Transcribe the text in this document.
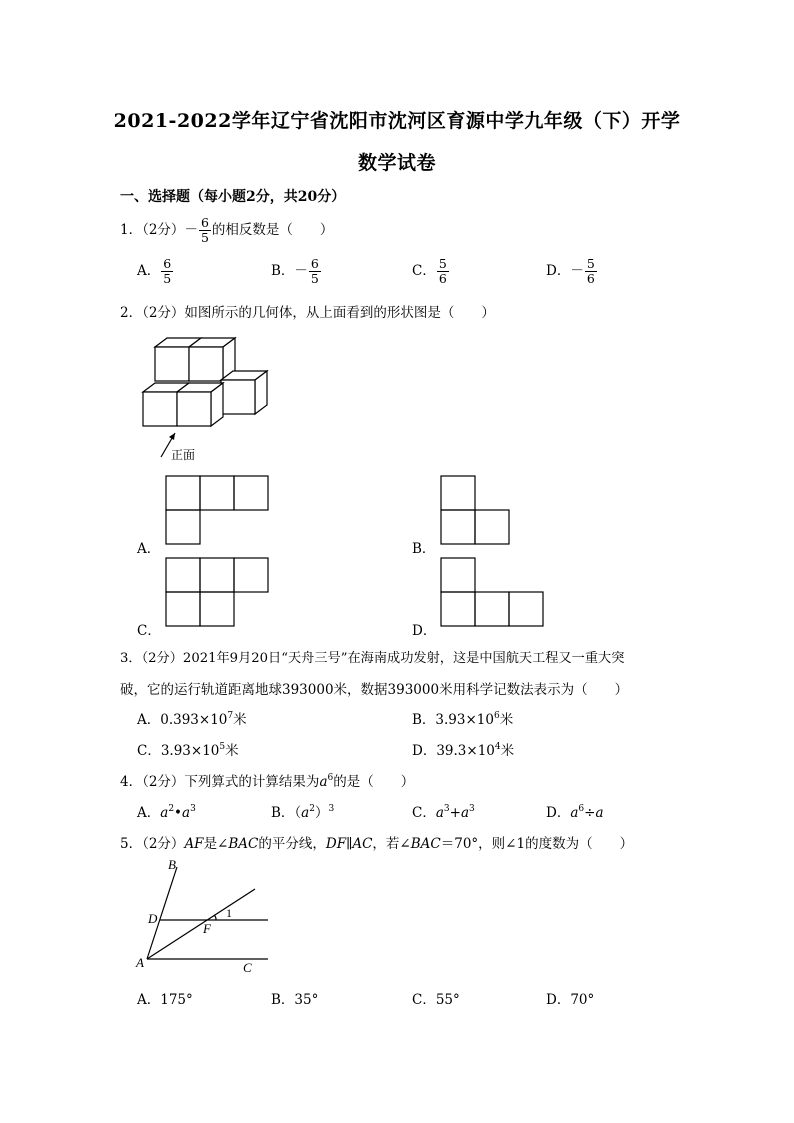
2021-2022学年辽宁省沈阳市沈河区育源中学九年级（下）开学
数学试卷
一、选择题（每小题2分，共20分）
1．（2分）－ $\frac{6}{5}$ 的相反数是（　　）
A． $\frac{6}{5}$	B．－ $\frac{6}{5}$	C． $\frac{5}{6}$	D．－ $\frac{5}{6}$
2．（2分）如图所示的几何体，从上面看到的形状图是（　　）
正面
A．	B．
C．	D．
3．（2分）2021年9月20日“天舟三号”在海南成功发射，这是中国航天工程又一重大突
破，它的运行轨道距离地球393000米，数据393000米用科学记数法表示为（　　）
A．$0.393\times 10^7$米	B．$3.93\times 10^6$米
C．$3.93\times 10^5$米	D．$39.3\times 10^4$米
4．（2分）下列算式的计算结果为$a^6$的是（　　）
A．$a^2•a^3$	B．$(a^2)^3$	C．$a^3+a^3$	D．$a^6\div a$
5．（2分）AF是∠BAC的平分线，DF∥AC，若∠BAC＝70°，则∠1的度数为（　　）
B
D
F
A	C
1
A．175°	B．35°	C．55°	D．70°
